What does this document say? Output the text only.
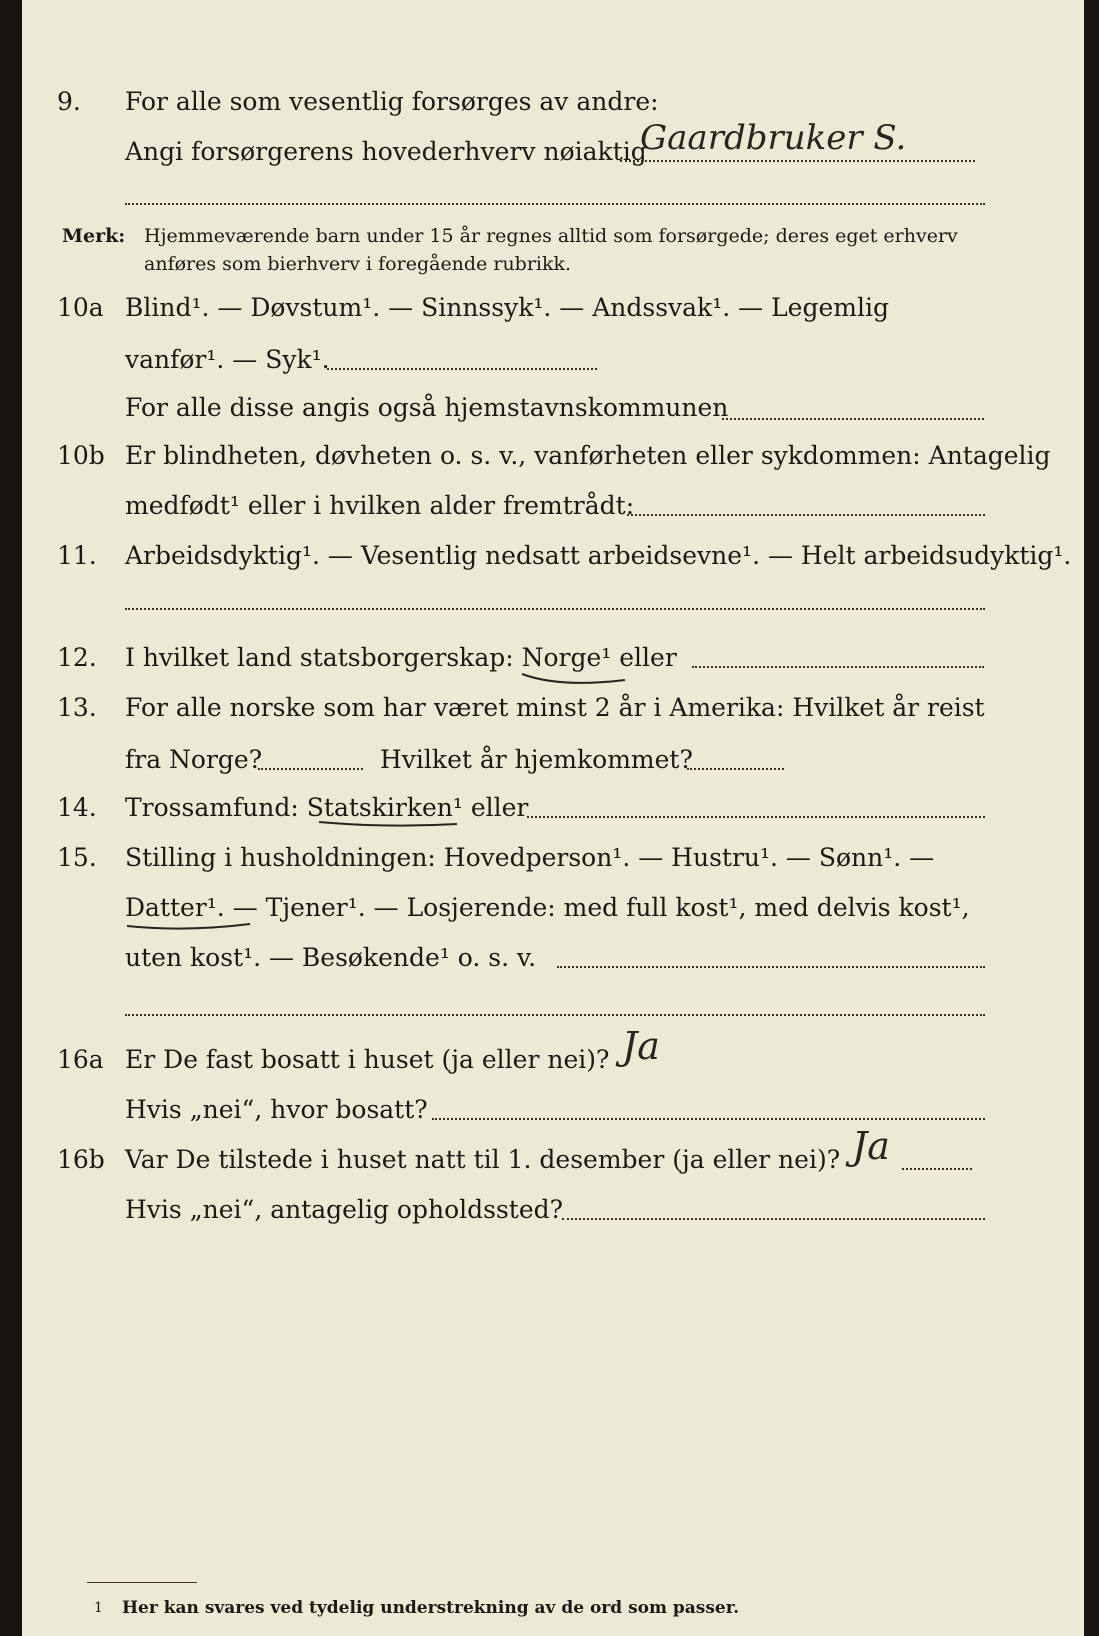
9. For alle som vesentlig forsørges av andre:
Angi forsørgerens hovederhverv nøiaktig
Gaardbruker S.
Merk: Hjemmeværende barn under 15 år regnes alltid som forsørgede; deres eget erhverv
anføres som bierhverv i foregående rubrikk.
10a Blind¹. — Døvstum¹. — Sinnssyk¹. — Andssvak¹. — Legemlig
vanfør¹. — Syk¹.
For alle disse angis også hjemstavnskommunen
10b Er blindheten, døvheten o. s. v., vanførheten eller sykdommen: Antagelig
medfødt¹ eller i hvilken alder fremtrådt:
11. Arbeidsdyktig¹. — Vesentlig nedsatt arbeidsevne¹. — Helt arbeidsudyktig¹.
12. I hvilket land statsborgerskap: Norge¹ eller
13. For alle norske som har været minst 2 år i Amerika: Hvilket år reist
fra Norge?	Hvilket år hjemkommet?
14. Trossamfund: Statskirken¹ eller
15. Stilling i husholdningen: Hovedperson¹. — Hustru¹. — Sønn¹. —
Datter¹. — Tjener¹. — Losjerende: med full kost¹, med delvis kost¹,
uten kost¹. — Besøkende¹ o. s. v.
16a Er De fast bosatt i huset (ja eller nei)? Ja
Hvis „nei“, hvor bosatt?
16b Var De tilstede i huset natt til 1. desember (ja eller nei)? Ja
Hvis „nei“, antagelig opholdssted?
1 Her kan svares ved tydelig understrekning av de ord som passer.
